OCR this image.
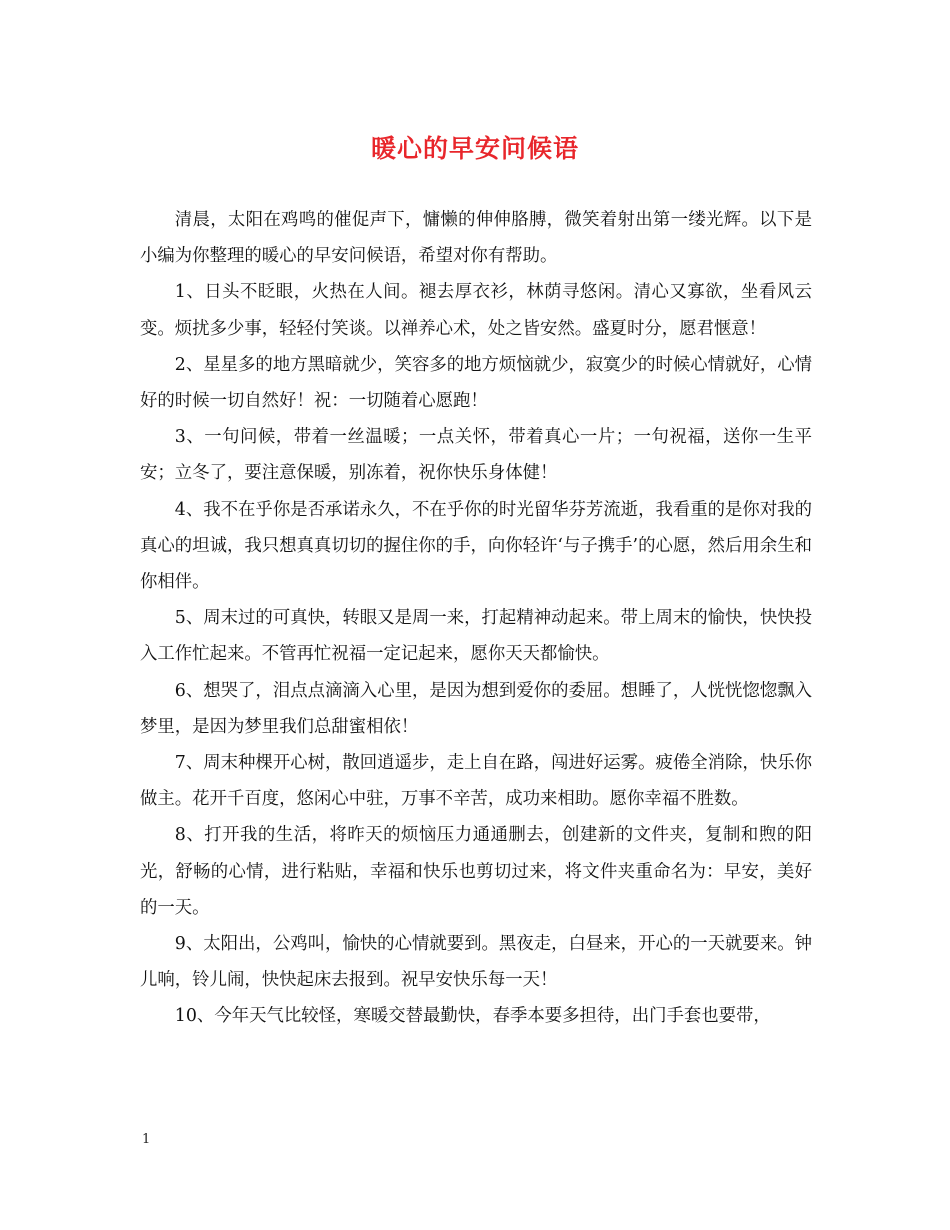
暖心的早安问候语

清晨，太阳在鸡鸣的催促声下，慵懒的伸伸胳膊，微笑着射出第一缕光辉。以下是小编为你整理的暖心的早安问候语，希望对你有帮助。

1、日头不眨眼，火热在人间。褪去厚衣衫，林荫寻悠闲。清心又寡欲，坐看风云变。烦扰多少事，轻轻付笑谈。以禅养心术，处之皆安然。盛夏时分，愿君惬意！

2、星星多的地方黑暗就少，笑容多的地方烦恼就少，寂寞少的时候心情就好，心情好的时候一切自然好！祝：一切随着心愿跑！

3、一句问候，带着一丝温暖；一点关怀，带着真心一片；一句祝福，送你一生平安；立冬了，要注意保暖，别冻着，祝你快乐身体健！

4、我不在乎你是否承诺永久，不在乎你的时光留华芬芳流逝，我看重的是你对我的真心的坦诚，我只想真真切切的握住你的手，向你轻许‘与子携手’的心愿，然后用余生和你相伴。

5、周末过的可真快，转眼又是周一来，打起精神动起来。带上周末的愉快，快快投入工作忙起来。不管再忙祝福一定记起来，愿你天天都愉快。

6、想哭了，泪点点滴滴入心里，是因为想到爱你的委屈。想睡了，人恍恍惚惚飘入梦里，是因为梦里我们总甜蜜相依！

7、周末种棵开心树，散回逍遥步，走上自在路，闯进好运雾。疲倦全消除，快乐你做主。花开千百度，悠闲心中驻，万事不辛苦，成功来相助。愿你幸福不胜数。

8、打开我的生活，将昨天的烦恼压力通通删去，创建新的文件夹，复制和煦的阳光，舒畅的心情，进行粘贴，幸福和快乐也剪切过来，将文件夹重命名为：早安，美好的一天。

9、太阳出，公鸡叫，愉快的心情就要到。黑夜走，白昼来，开心的一天就要来。钟儿响，铃儿闹，快快起床去报到。祝早安快乐每一天！

10、今年天气比较怪，寒暖交替最勤快，春季本要多担待，出门手套也要带，

1
